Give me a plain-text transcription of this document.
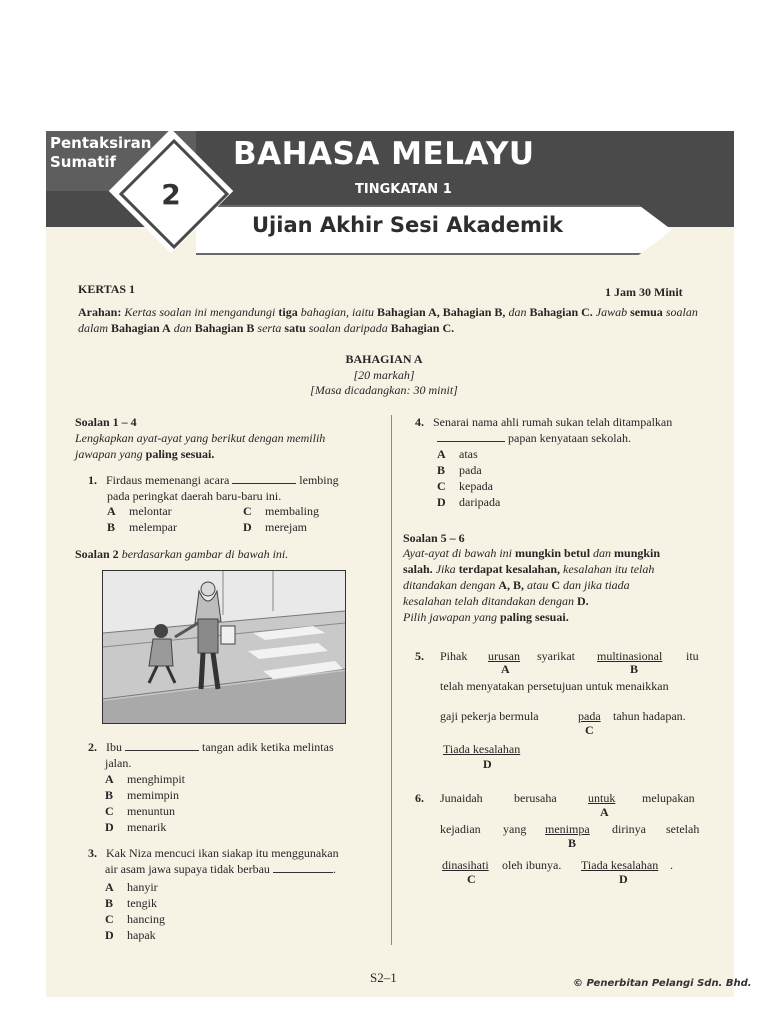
Pentaksiran
Sumatif
2
BAHASA MELAYU
TINGKATAN 1
Ujian Akhir Sesi Akademik
KERTAS 1	1 Jam 30 Minit
Arahan: Kertas soalan ini mengandungi tiga bahagian, iaitu Bahagian A, Bahagian B, dan Bahagian C. Jawab semua soalan dalam Bahagian A dan Bahagian B serta satu soalan daripada Bahagian C.
BAHAGIAN A
[20 markah]
[Masa dicadangkan: 30 minit]
Soalan 1 – 4
Lengkapkan ayat-ayat yang berikut dengan memilih
jawapan yang paling sesuai.
1. Firdaus memenangi acara	lembing
pada peringkat daerah baru-baru ini.
A	melontar	C	membaling
B	melempar	D	merejam
Soalan 2 berdasarkan gambar di bawah ini.
2. Ibu	tangan adik ketika melintas
jalan.
A	menghimpit
B	memimpin
C	menuntun
D	menarik
3. Kak Niza mencuci ikan siakap itu menggunakan
air asam jawa supaya tidak berbau	.
A	hanyir
B	tengik
C	hancing
D	hapak
4. Senarai nama ahli rumah sukan telah ditampalkan
papan kenyataan sekolah.
A	atas
B	pada
C	kepada
D	daripada
Soalan 5 – 6
Ayat-ayat di bawah ini mungkin betul dan mungkin
salah. Jika terdapat kesalahan, kesalahan itu telah
ditandakan dengan A, B, atau C dan jika tiada
kesalahan telah ditandakan dengan D.
Pilih jawapan yang paling sesuai.
5.	Pihak urusan syarikat multinasional itu
A	B
telah menyatakan persetujuan untuk menaikkan
gaji pekerja bermula	pada tahun hadapan.
C
Tiada kesalahan
D
6. Junaidah	berusaha	untuk melupakan
A
kejadian yang menimpa dirinya setelah
B
dinasihati oleh ibunya. Tiada kesalahan .
C	D
S2–1	© Penerbitan Pelangi Sdn. Bhd.
